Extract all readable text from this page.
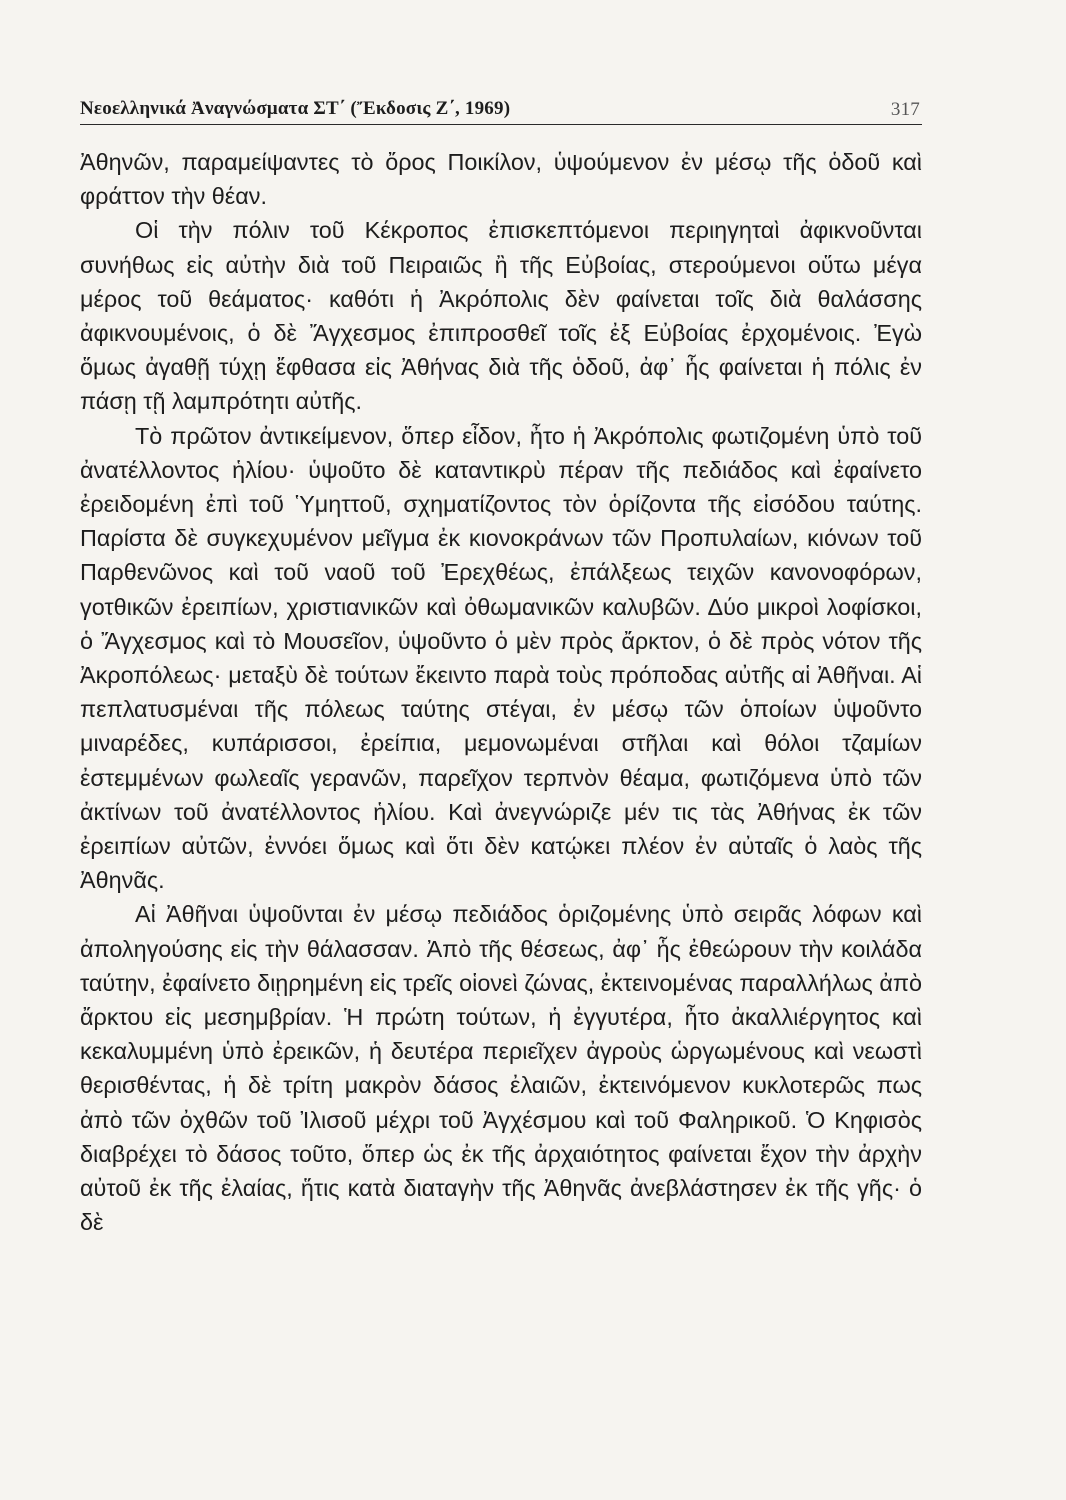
Νεοελληνικά Ἀναγνώσματα ΣΤ΄ (Ἔκδοσις Ζ΄, 1969)	317

Ἀθηνῶν, παραμείψαντες τὸ ὄρος Ποικίλον, ὑψούμενον ἐν μέσῳ τῆς ὁδοῦ καὶ φράττον τὴν θέαν.

Οἱ τὴν πόλιν τοῦ Κέκροπος ἐπισκεπτόμενοι περιηγηταὶ ἀφικνοῦνται συνήθως εἰς αὐτὴν διὰ τοῦ Πειραιῶς ἢ τῆς Εὐβοίας, στερούμενοι οὕτω μέγα μέρος τοῦ θεάματος· καθότι ἡ Ἀκρόπολις δὲν φαίνεται τοῖς διὰ θαλάσσης ἀφικνουμένοις, ὁ δὲ Ἄγχεσμος ἐπιπροσθεῖ τοῖς ἐξ Εὐβοίας ἐρχομένοις. Ἐγὼ ὅμως ἀγαθῇ τύχῃ ἔφθασα εἰς Ἀθήνας διὰ τῆς ὁδοῦ, ἀφ᾽ ἧς φαίνεται ἡ πόλις ἐν πάσῃ τῇ λαμπρότητι αὐτῆς.

Τὸ πρῶτον ἀντικείμενον, ὅπερ εἶδον, ἦτο ἡ Ἀκρόπολις φωτιζομένη ὑπὸ τοῦ ἀνατέλλοντος ἡλίου· ὑψοῦτο δὲ καταντικρὺ πέραν τῆς πεδιάδος καὶ ἐφαίνετο ἐρειδομένη ἐπὶ τοῦ Ὑμηττοῦ, σχηματίζοντος τὸν ὁρίζοντα τῆς εἰσόδου ταύτης. Παρίστα δὲ συγκεχυμένον μεῖγμα ἐκ κιονοκράνων τῶν Προπυλαίων, κιόνων τοῦ Παρθενῶνος καὶ τοῦ ναοῦ τοῦ Ἐρεχθέως, ἐπάλξεως τειχῶν κανονοφόρων, γοτθικῶν ἐρειπίων, χριστιανικῶν καὶ ὀθωμανικῶν καλυβῶν. Δύο μικροὶ λοφίσκοι, ὁ Ἄγχεσμος καὶ τὸ Μουσεῖον, ὑψοῦντο ὁ μὲν πρὸς ἄρκτον, ὁ δὲ πρὸς νότον τῆς Ἀκροπόλεως· μεταξὺ δὲ τούτων ἔκειντο παρὰ τοὺς πρόποδας αὐτῆς αἱ Ἀθῆναι. Αἱ πεπλατυσμέναι τῆς πόλεως ταύτης στέγαι, ἐν μέσῳ τῶν ὁποίων ὑψοῦντο μιναρέδες, κυπάρισσοι, ἐρείπια, μεμονωμέναι στῆλαι καὶ θόλοι τζαμίων ἐστεμμένων φωλεαῖς γερανῶν, παρεῖχον τερπνὸν θέαμα, φωτιζόμενα ὑπὸ τῶν ἀκτίνων τοῦ ἀνατέλλοντος ἡλίου. Καὶ ἀνεγνώριζε μέν τις τὰς Ἀθήνας ἐκ τῶν ἐρειπίων αὐτῶν, ἐννόει ὅμως καὶ ὅτι δὲν κατῴκει πλέον ἐν αὐταῖς ὁ λαὸς τῆς Ἀθηνᾶς.

Αἱ Ἀθῆναι ὑψοῦνται ἐν μέσῳ πεδιάδος ὁριζομένης ὑπὸ σειρᾶς λόφων καὶ ἀποληγούσης εἰς τὴν θάλασσαν. Ἀπὸ τῆς θέσεως, ἀφ᾽ ἧς ἐθεώρουν τὴν κοιλάδα ταύτην, ἐφαίνετο διῃρημένη εἰς τρεῖς οἱονεὶ ζώνας, ἐκτεινομένας παραλλήλως ἀπὸ ἄρκτου εἰς μεσημβρίαν. Ἡ πρώτη τούτων, ἡ ἐγγυτέρα, ἦτο ἀκαλλιέργητος καὶ κεκαλυμμένη ὑπὸ ἐρεικῶν, ἡ δευτέρα περιεῖχεν ἀγροὺς ὡργωμένους καὶ νεωστὶ θερισθέντας, ἡ δὲ τρίτη μακρὸν δάσος ἐλαιῶν, ἐκτεινόμενον κυκλοτερῶς πως ἀπὸ τῶν ὀχθῶν τοῦ Ἰλισοῦ μέχρι τοῦ Ἀγχέσμου καὶ τοῦ Φαληρικοῦ. Ὁ Κηφισὸς διαβρέχει τὸ δάσος τοῦτο, ὅπερ ὡς ἐκ τῆς ἀρχαιότητος φαίνεται ἔχον τὴν ἀρχὴν αὐτοῦ ἐκ τῆς ἐλαίας, ἥτις κατὰ διαταγὴν τῆς Ἀθηνᾶς ἀνεβλάστησεν ἐκ τῆς γῆς· ὁ δὲ
